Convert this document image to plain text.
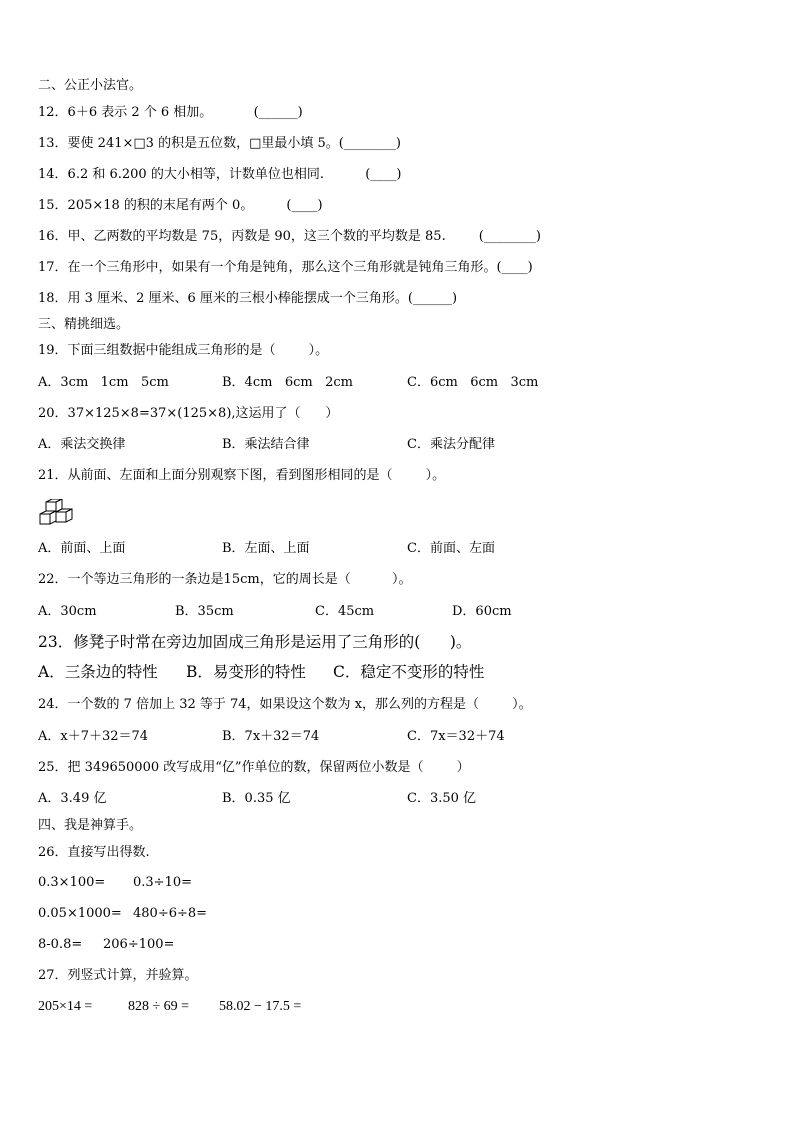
二、公正小法官。
12．6＋6 表示 2 个 6 相加。          (______)
13．要使 241×□3 的积是五位数，□里最小填 5。(________)
14．6.2 和 6.200 的大小相等，计数单位也相同.          (____)
15．205×18 的积的末尾有两个 0。        (____)
16．甲、乙两数的平均数是 75，丙数是 90，这三个数的平均数是 85.        (________)
17．在一个三角形中，如果有一个角是钝角，那么这个三角形就是钝角三角形。(____)
18．用 3 厘米、2 厘米、6 厘米的三根小棒能摆成一个三角形。(______)
三、精挑细选。
19．下面三组数据中能组成三角形的是（        ）。
A．3cm   1cm   5cm	B．4cm   6cm   2cm	C．6cm   6cm   3cm
20．37×125×8=37×(125×8),这运用了（      ）
A．乘法交换律	B．乘法结合律	C．乘法分配律
21．从前面、左面和上面分别观察下图，看到图形相同的是（        ）。
A．前面、上面	B．左面、上面	C．前面、左面
22．一个等边三角形的一条边是15cm，它的周长是（          ）。
A．30cm	B．35cm	C．45cm	D．60cm
23．修凳子时常在旁边加固成三角形是运用了三角形的(      )。
A．三条边的特性 B．易变形的特性 C．稳定不变形的特性
24．一个数的 7 倍加上 32 等于 74，如果设这个数为 x，那么列的方程是（        ）。
A．x＋7＋32＝74	B．7x＋32＝74	C．7x＝32＋74
25．把 349650000 改写成用“亿”作单位的数，保留两位小数是（        ）
A．3.49 亿	B．0.35 亿	C．3.50 亿
四、我是神算手。
26．直接写出得数.
0.3×100= 0.3÷10=
0.05×1000= 480÷6÷8=
8-0.8= 206÷100=
27．列竖式计算，并验算。
205×14 =	828 ÷ 69 = 58.02 − 17.5 =
